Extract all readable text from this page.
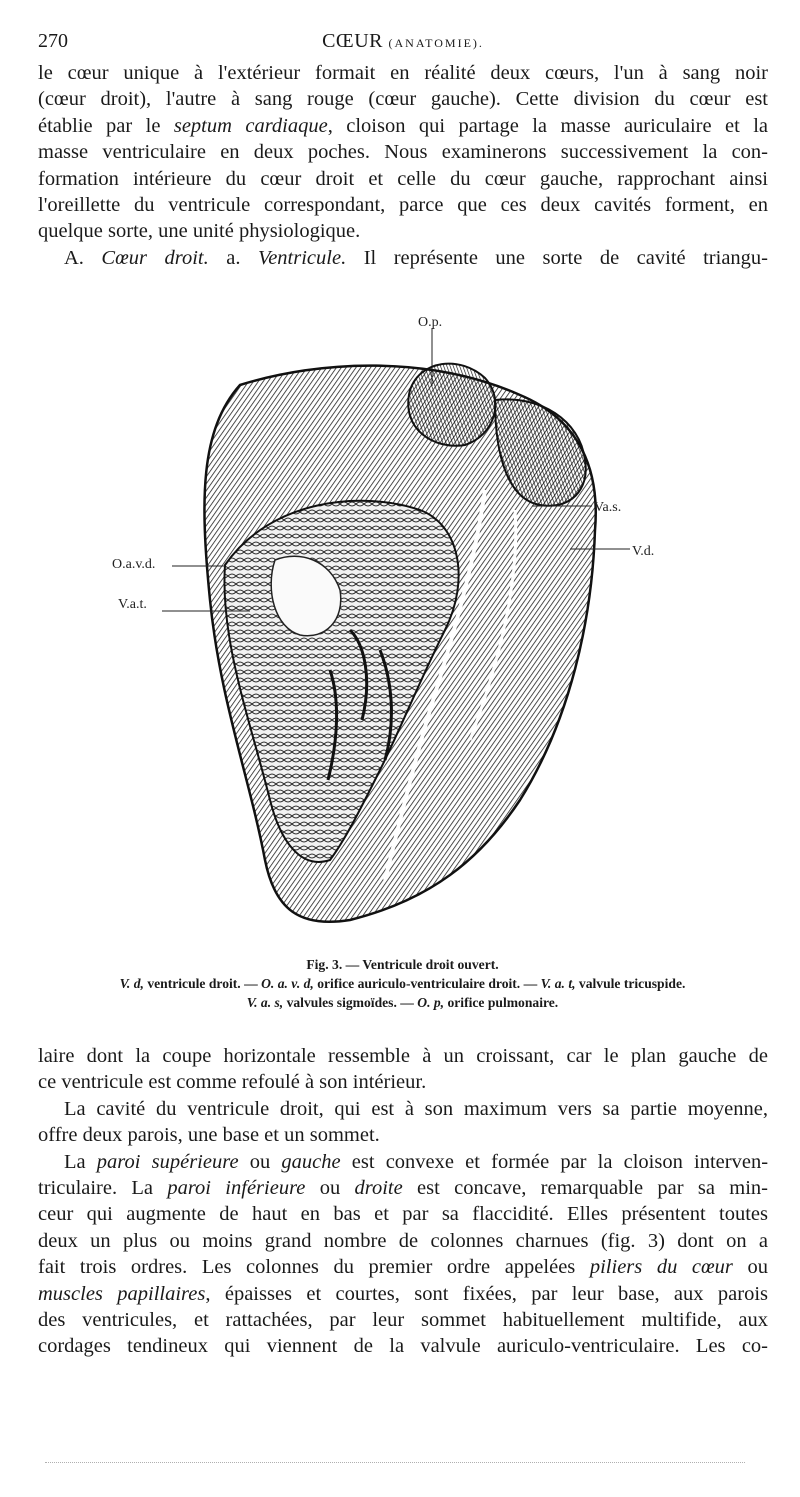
270	CŒUR (ANATOMIE).
le cœur unique à l'extérieur formait en réalité deux cœurs, l'un à sang noir
(cœur droit), l'autre à sang rouge (cœur gauche). Cette division du cœur est
établie par le septum cardiaque, cloison qui partage la masse auriculaire et la
masse ventriculaire en deux poches. Nous examinerons successivement la con-
formation intérieure du cœur droit et celle du cœur gauche, rapprochant ainsi
l'oreillette du ventricule correspondant, parce que ces deux cavités forment, en
quelque sorte, une unité physiologique.
A. Cœur droit. a. Ventricule. Il représente une sorte de cavité triangu-
O.p.
Va.s.
V.d.
O.a.v.d.
V.a.t.
Fig. 3. — Ventricule droit ouvert.
V. d, ventricule droit. — O. a. v. d, orifice auriculo-ventriculaire droit. — V. a. t, valvule tricuspide.
V. a. s, valvules sigmoïdes. — O. p, orifice pulmonaire.
laire dont la coupe horizontale ressemble à un croissant, car le plan gauche de
ce ventricule est comme refoulé à son intérieur.
La cavité du ventricule droit, qui est à son maximum vers sa partie moyenne,
offre deux parois, une base et un sommet.
La paroi supérieure ou gauche est convexe et formée par la cloison interven-
triculaire. La paroi inférieure ou droite est concave, remarquable par sa min-
ceur qui augmente de haut en bas et par sa flaccidité. Elles présentent toutes
deux un plus ou moins grand nombre de colonnes charnues (fig. 3) dont on a
fait trois ordres. Les colonnes du premier ordre appelées piliers du cœur ou
muscles papillaires, épaisses et courtes, sont fixées, par leur base, aux parois
des ventricules, et rattachées, par leur sommet habituellement multifide, aux
cordages tendineux qui viennent de la valvule auriculo-ventriculaire. Les co-
